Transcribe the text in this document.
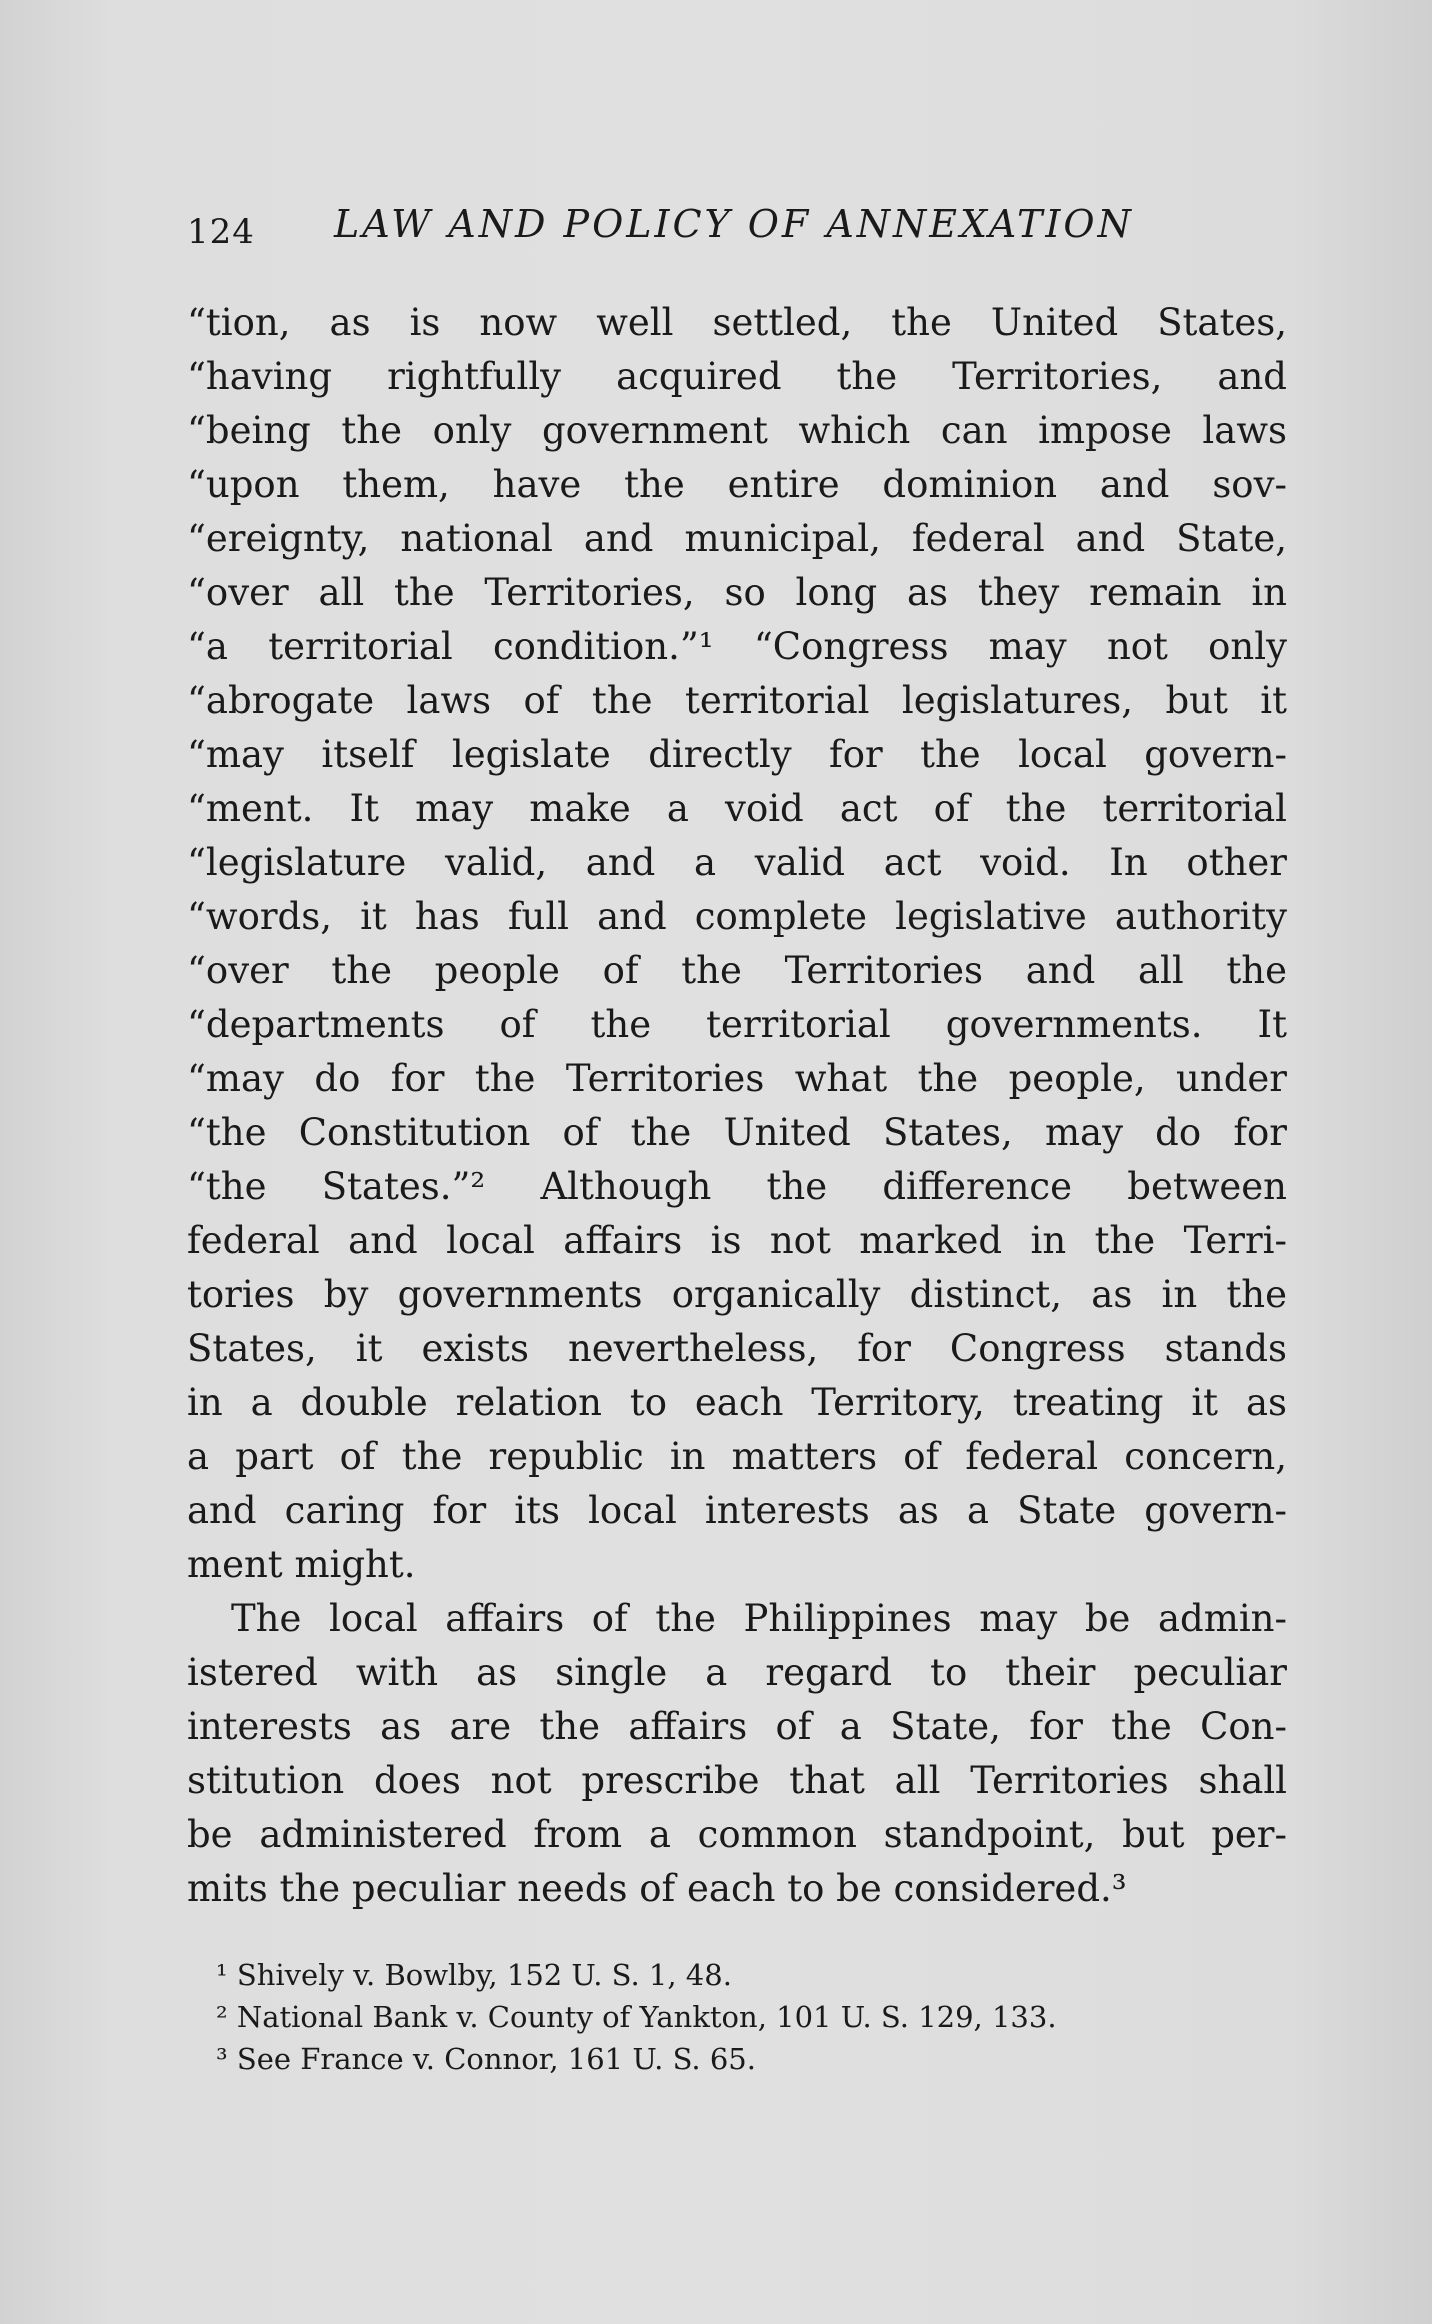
124 LAW AND POLICY OF ANNEXATION
“tion, as is now well settled, the United States,
“having rightfully acquired the Territories, and
“being the only government which can impose laws
“upon them, have the entire dominion and sov-
“ereignty, national and municipal, federal and State,
“over all the Territories, so long as they remain in
“a territorial condition.”¹ “Congress may not only
“abrogate laws of the territorial legislatures, but it
“may itself legislate directly for the local govern-
“ment. It may make a void act of the territorial
“legislature valid, and a valid act void. In other
“words, it has full and complete legislative authority
“over the people of the Territories and all the
“departments of the territorial governments. It
“may do for the Territories what the people, under
“the Constitution of the United States, may do for
“the States.”² Although the difference between
federal and local affairs is not marked in the Terri-
tories by governments organically distinct, as in the
States, it exists nevertheless, for Congress stands
in a double relation to each Territory, treating it as
a part of the republic in matters of federal concern,
and caring for its local interests as a State govern-
ment might.
The local affairs of the Philippines may be admin-
istered with as single a regard to their peculiar
interests as are the affairs of a State, for the Con-
stitution does not prescribe that all Territories shall
be administered from a common standpoint, but per-
mits the peculiar needs of each to be considered.³
¹ Shively v. Bowlby, 152 U. S. 1, 48.
² National Bank v. County of Yankton, 101 U. S. 129, 133.
³ See France v. Connor, 161 U. S. 65.
